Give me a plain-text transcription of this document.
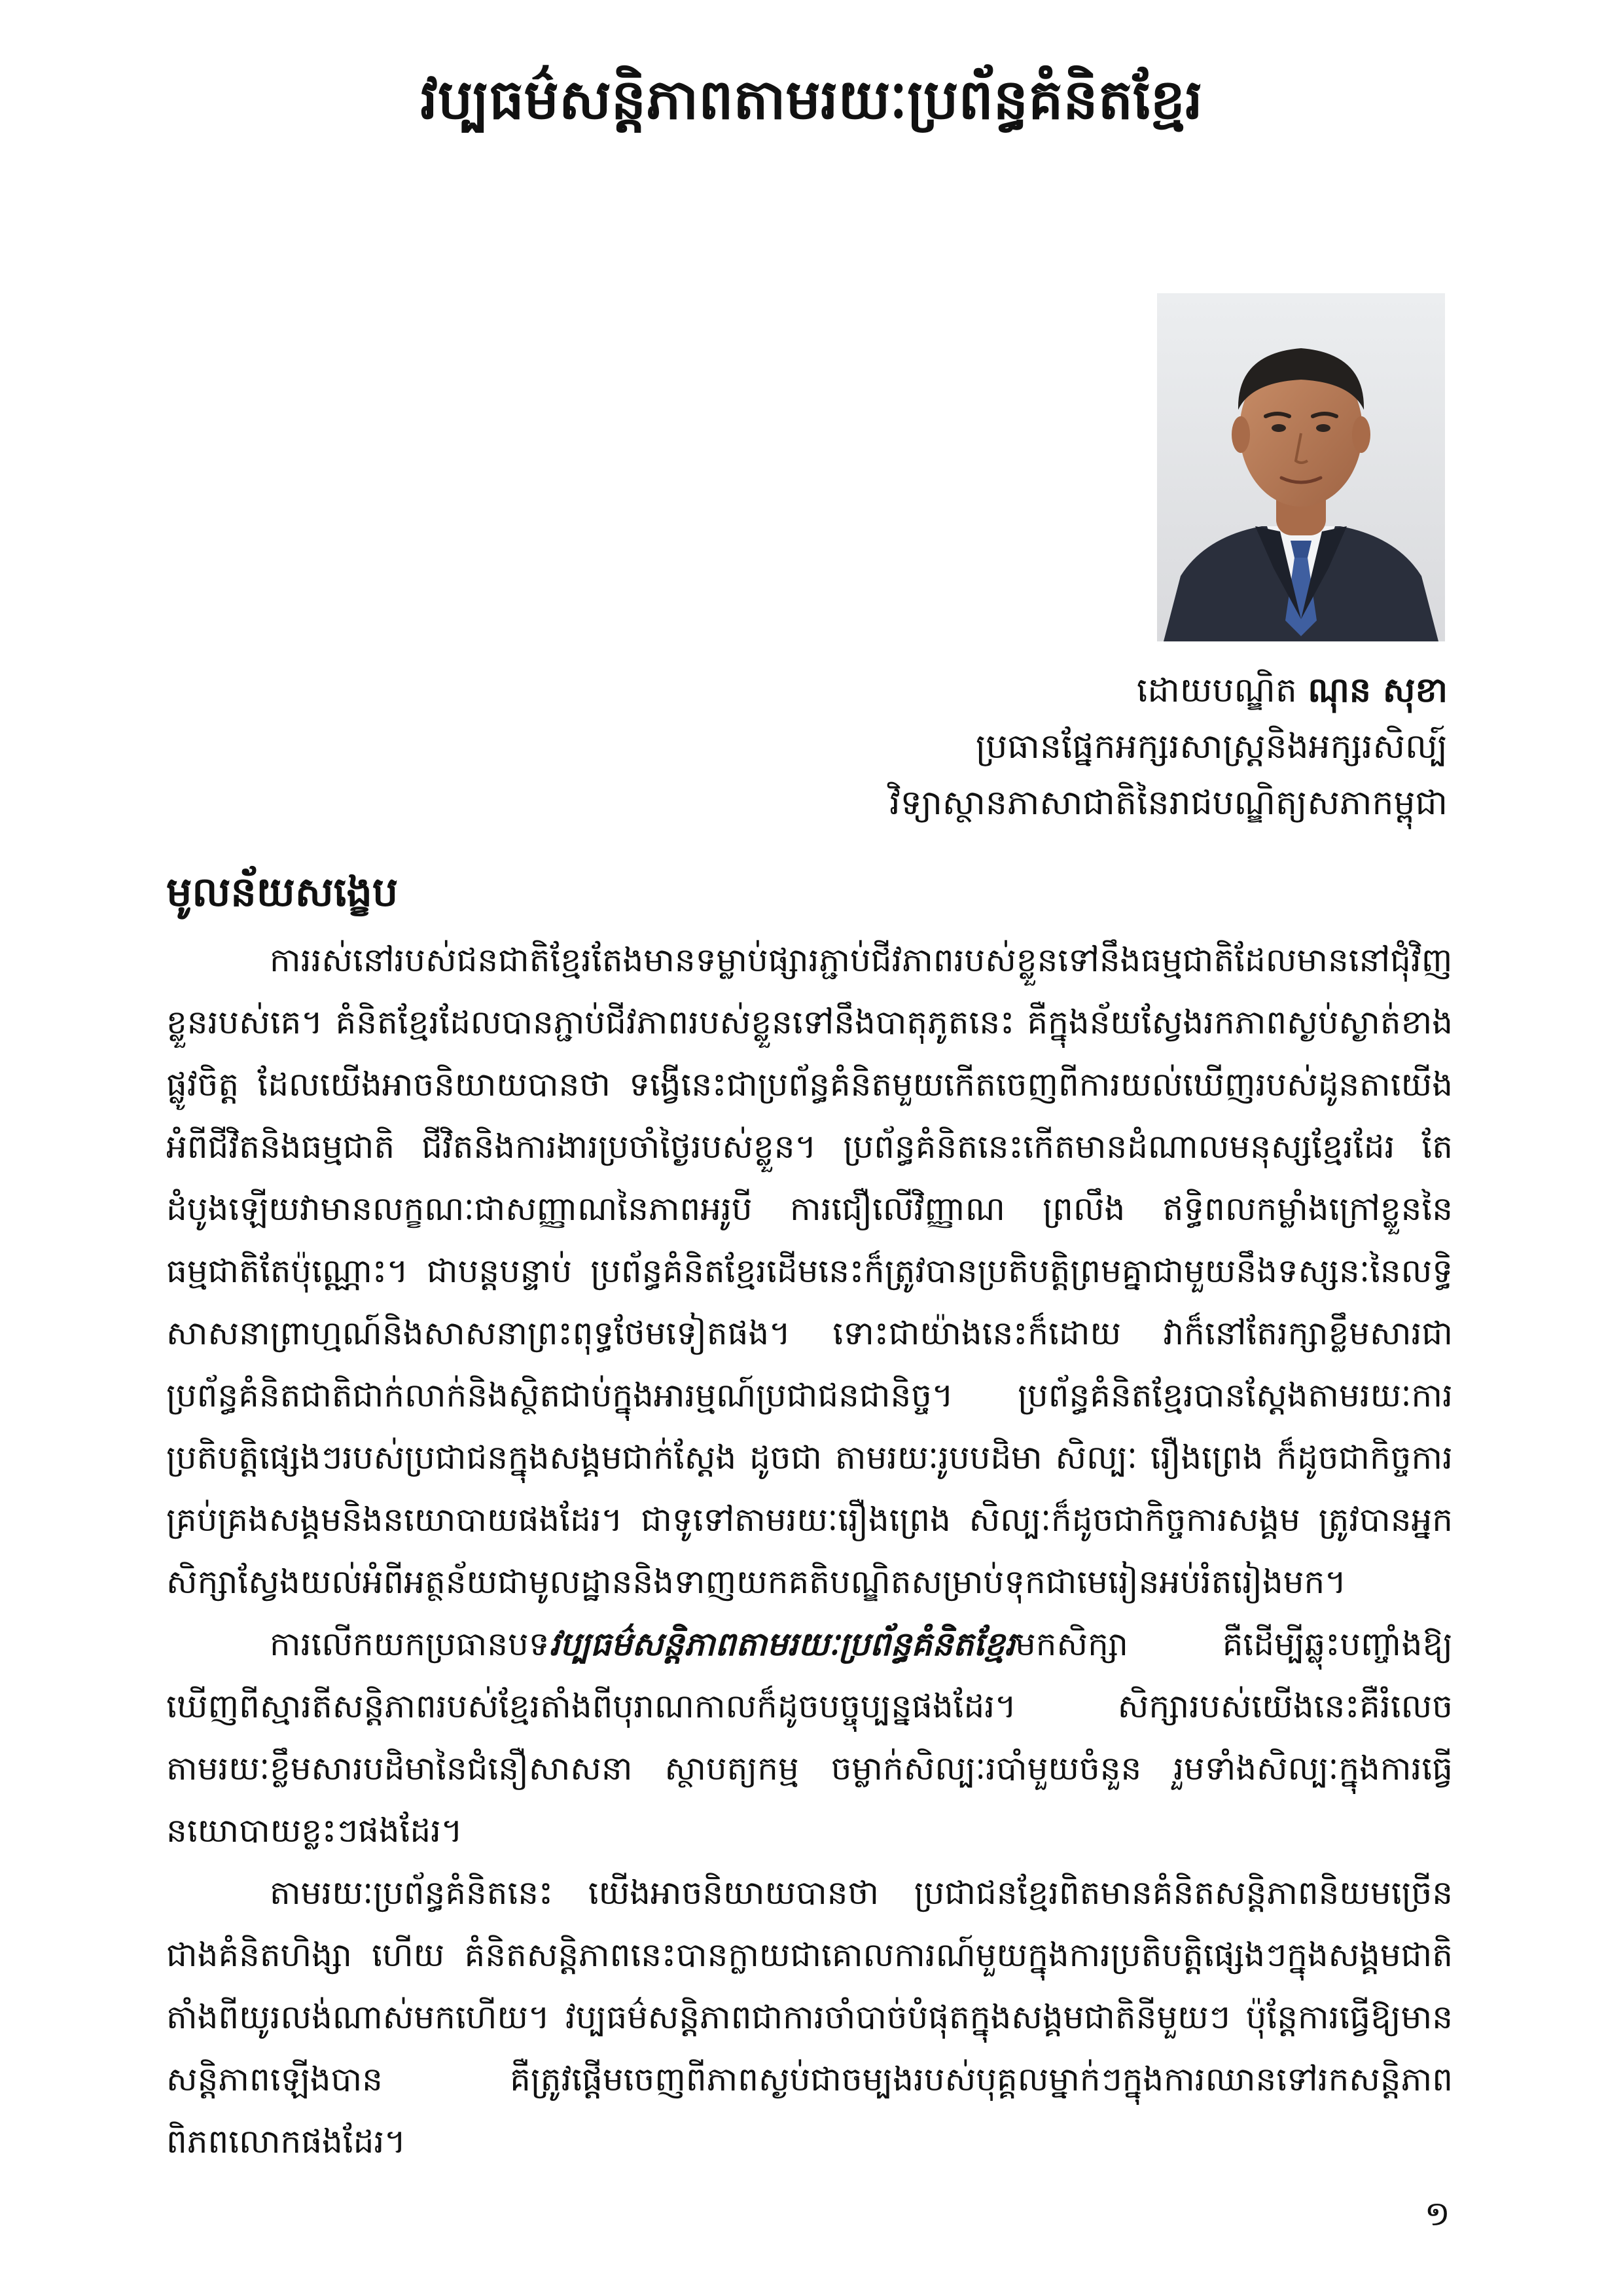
វប្បធម៌សន្តិភាពតាមរយៈប្រព័ន្ធគំនិតខ្មែរ
ដោយបណ្ឌិត ណុន សុខា
ប្រធានផ្នែកអក្សរសាស្រ្តនិងអក្សរសិល្ប៍
វិទ្យាស្ថានភាសាជាតិនៃរាជបណ្ឌិត្យសភាកម្ពុជា
មូលន័យសង្ខេប

ការរស់នៅរបស់ជនជាតិខ្មែរតែងមានទម្លាប់ផ្សារភ្ជាប់ជីវភាពរបស់ខ្លួនទៅនឹងធម្មជាតិដែលមាននៅជុំវិញខ្លួនរបស់គេ។ គំនិតខ្មែរដែលបានភ្ជាប់ជីវភាពរបស់ខ្លួនទៅនឹងបាតុភូតនេះ គឺក្នុងន័យស្វែងរកភាពស្ងប់ស្ងាត់ខាងផ្លូវចិត្ត ដែលយើងអាចនិយាយបានថា ទង្វើនេះជាប្រព័ន្ធគំនិតមួយកើតចេញពីការយល់ឃើញរបស់ដូនតាយើងអំពីជីវិតនិងធម្មជាតិ ជីវិតនិងការងារប្រចាំថ្ងៃរបស់ខ្លួន។ ប្រព័ន្ធគំនិតនេះកើតមានដំណាលមនុស្សខ្មែរដែរ តែដំបូងឡើយវាមានលក្ខណៈជាសញ្ញាណនៃភាពអរូបី ការជឿលើវិញ្ញាណ ព្រលឹង ឥទ្ធិពលកម្លាំងក្រៅខ្លួននៃធម្មជាតិតែប៉ុណ្ណោះ។ ជាបន្តបន្ទាប់ ប្រព័ន្ធគំនិតខ្មែរដើមនេះក៏ត្រូវបានប្រតិបត្តិព្រមគ្នាជាមួយនឹងទស្សនៈនៃលទ្ធិសាសនាព្រាហ្មណ៍និងសាសនាព្រះពុទ្ធថែមទៀតផង។ ទោះជាយ៉ាងនេះក៏ដោយ វាក៏នៅតែរក្សាខ្លឹមសារជាប្រព័ន្ធគំនិតជាតិជាក់លាក់និងស្ថិតជាប់ក្នុងអារម្មណ៍ប្រជាជនជានិច្ច។ ប្រព័ន្ធគំនិតខ្មែរបានស្តែងតាមរយៈការប្រតិបត្តិផ្សេងៗរបស់ប្រជាជនក្នុងសង្គមជាក់ស្តែង ដូចជា តាមរយៈរូបបដិមា សិល្បៈ រឿងព្រេង ក៏ដូចជាកិច្ចការគ្រប់គ្រងសង្គមនិងនយោបាយផងដែរ។ ជាទូទៅតាមរយៈរឿងព្រេង សិល្បៈក៏ដូចជាកិច្ចការសង្គម ត្រូវបានអ្នកសិក្សាស្វែងយល់អំពីអត្ថន័យជាមូលដ្ឋាននិងទាញយកគតិបណ្ឌិតសម្រាប់ទុកជាមេរៀនអប់រំតរៀងមក។

ការលើកយកប្រធានបទវប្បធម៌សន្តិភាពតាមរយៈប្រព័ន្ធគំនិតខ្មែរមកសិក្សា គឺដើម្បីឆ្លុះបញ្ចាំងឱ្យឃើញពីស្មារតីសន្តិភាពរបស់ខ្មែរតាំងពីបុរាណកាលក៏ដូចបច្ចុប្បន្នផងដែរ។ សិក្សារបស់យើងនេះគឺរំលេចតាមរយៈខ្លឹមសារបដិមានៃជំនឿសាសនា ស្ថាបត្យកម្ម ចម្លាក់សិល្បៈរបាំមួយចំនួន រួមទាំងសិល្បៈក្នុងការធ្វើនយោបាយខ្លះៗផងដែរ។

តាមរយៈប្រព័ន្ធគំនិតនេះ យើងអាចនិយាយបានថា ប្រជាជនខ្មែរពិតមានគំនិតសន្តិភាពនិយមច្រើនជាងគំនិតហិង្សា ហើយ គំនិតសន្តិភាពនេះបានក្លាយជាគោលការណ៍មួយក្នុងការប្រតិបត្តិផ្សេងៗក្នុងសង្គមជាតិតាំងពីយូរលង់ណាស់មកហើយ។ វប្បធម៌សន្តិភាពជាការចាំបាច់បំផុតក្នុងសង្គមជាតិនីមួយៗ ប៉ុន្តែការធ្វើឱ្យមានសន្តិភាពឡើងបាន គឺត្រូវផ្តើមចេញពីភាពស្ងប់ជាចម្បងរបស់បុគ្គលម្នាក់ៗក្នុងការឈានទៅរកសន្តិភាពពិភពលោកផងដែរ។

១
